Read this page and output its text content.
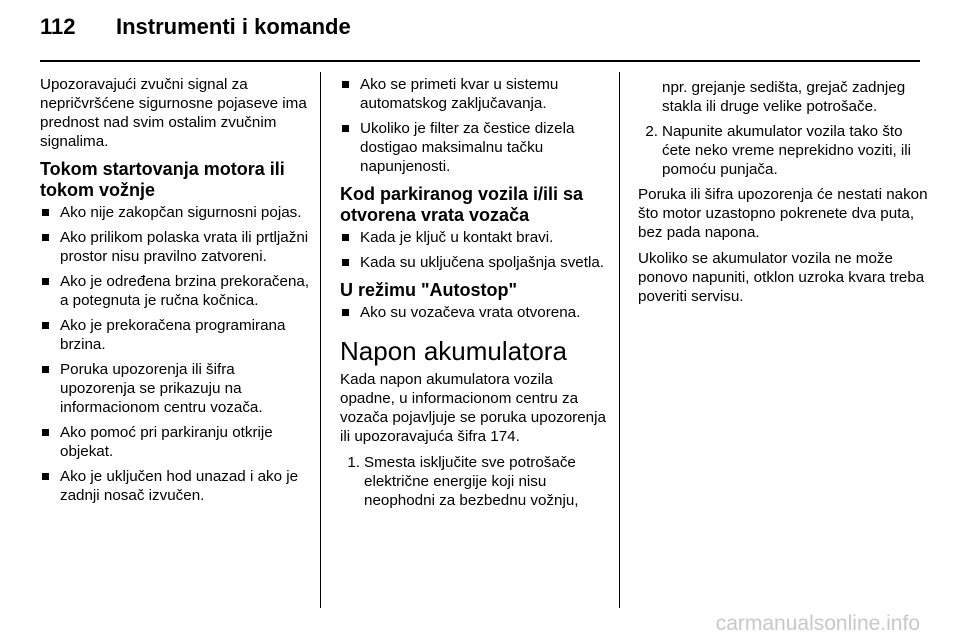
112 Instrumenti i komande

Upozoravajući zvučni signal za nepričvršćene sigurnosne pojaseve ima prednost nad svim ostalim zvučnim signalima.

Tokom startovanja motora ili tokom vožnje
Ako nije zakopčan sigurnosni pojas.
Ako prilikom polaska vrata ili prtljažni prostor nisu pravilno zatvoreni.
Ako je određena brzina prekoračena, a potegnuta je ručna kočnica.
Ako je prekoračena programirana brzina.
Poruka upozorenja ili šifra upozorenja se prikazuju na informacionom centru vozača.
Ako pomoć pri parkiranju otkrije objekat.
Ako je uključen hod unazad i ako je zadnji nosač izvučen.
Ako se primeti kvar u sistemu automatskog zaključavanja.
Ukoliko je filter za čestice dizela dostigao maksimalnu tačku napunjenosti.
Kod parkiranog vozila i/ili sa otvorena vrata vozača
Kada je ključ u kontakt bravi.
Kada su uključena spoljašnja svetla.
U režimu "Autostop"
Ako su vozačeva vrata otvorena.
Napon akumulatora

Kada napon akumulatora vozila opadne, u informacionom centru za vozača pojavljuje se poruka upozorenja ili upozoravajuća šifra 174.

1. Smesta isključite sve potrošače električne energije koji nisu neophodni za bezbednu vožnju,
npr. grejanje sedišta, grejač zadnjeg stakla ili druge velike potrošače.
2. Napunite akumulator vozila tako što ćete neko vreme neprekidno voziti, ili pomoću punjača.

Poruka ili šifra upozorenja će nestati nakon što motor uzastopno pokrenete dva puta, bez pada napona.

Ukoliko se akumulator vozila ne može ponovo napuniti, otklon uzroka kvara treba poveriti servisu.

carmanualsonline.info
